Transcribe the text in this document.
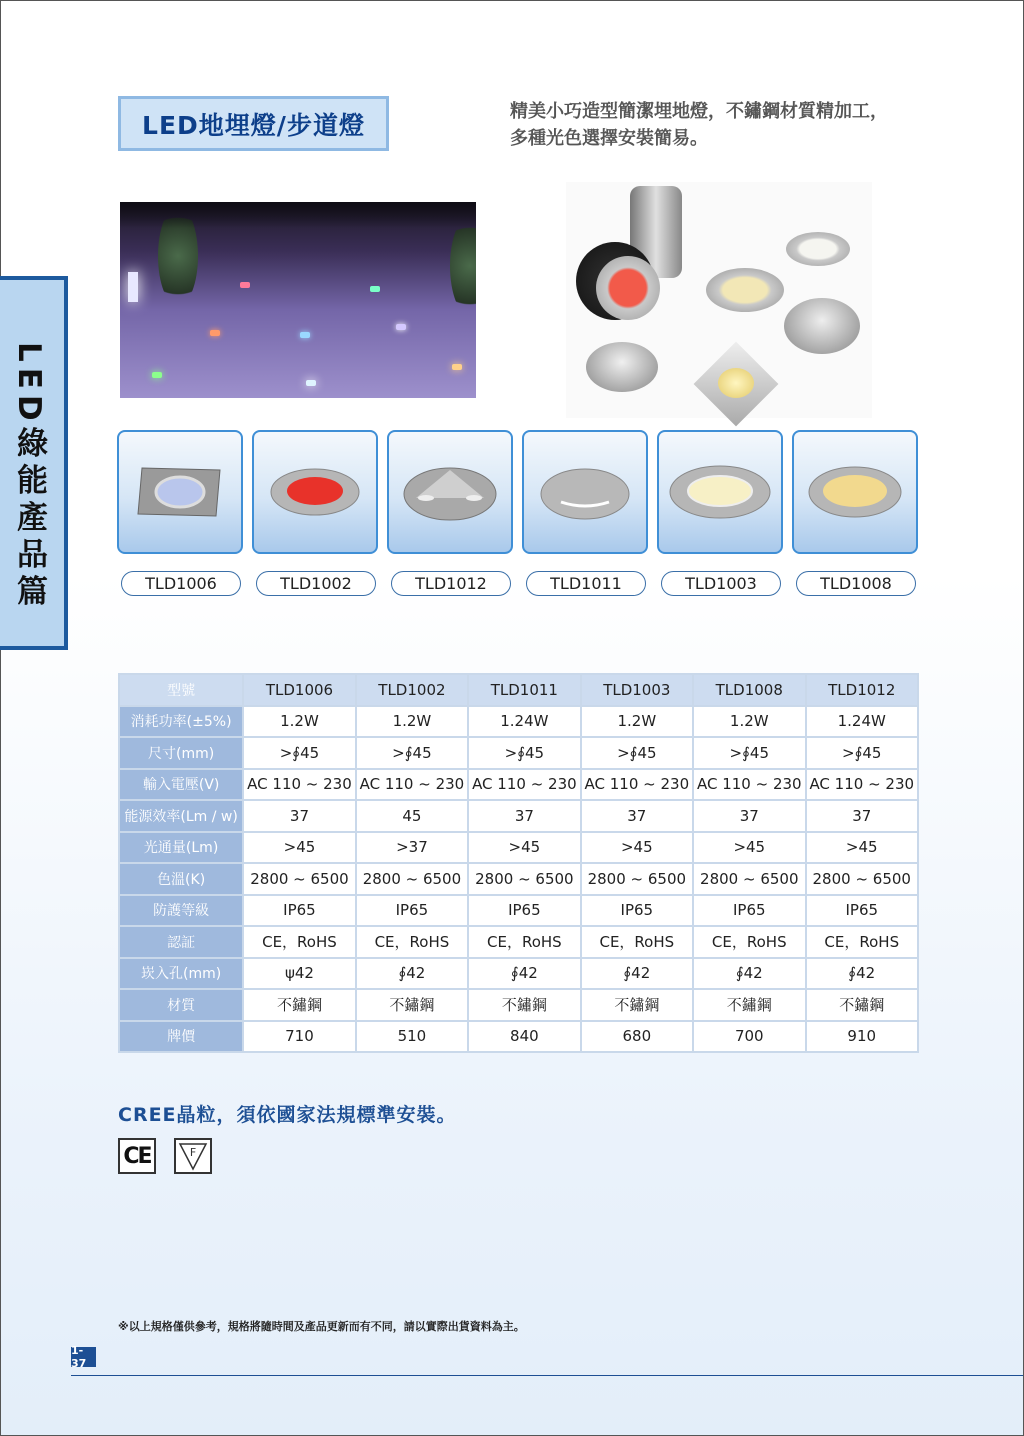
LED綠能產品篇
LED地埋燈/步道燈	精美小巧造型簡潔埋地燈，不鏽鋼材質精加工，
多種光色選擇安裝簡易。
TLD1006	TLD1002	TLD1012	TLD1011	TLD1003	TLD1008
型號	TLD1006	TLD1002	TLD1011	TLD1003	TLD1008	TLD1012
消耗功率(±5%)	1.2W	1.2W	1.24W	1.2W	1.2W	1.24W
尺寸(mm)	>∮45	>∮45	>∮45	>∮45	>∮45	>∮45
輸入電壓(V)	AC 110 ~ 230	AC 110 ~ 230	AC 110 ~ 230	AC 110 ~ 230	AC 110 ~ 230	AC 110 ~ 230
能源效率(Lm / w)	37	45	37	37	37	37
光通量(Lm)	>45	>37	>45	>45	>45	>45
色溫(K)	2800 ~ 6500	2800 ~ 6500	2800 ~ 6500	2800 ~ 6500	2800 ~ 6500	2800 ~ 6500
防護等級	IP65	IP65	IP65	IP65	IP65	IP65
認証	CE，RoHS	CE，RoHS	CE，RoHS	CE，RoHS	CE，RoHS	CE，RoHS
崁入孔(mm)	ψ42	∮42	∮42	∮42	∮42	∮42
材質	不鏽鋼	不鏽鋼	不鏽鋼	不鏽鋼	不鏽鋼	不鏽鋼
牌價	710	510	840	680	700	910
CREE晶粒，須依國家法規標準安裝。
CE	F
※以上規格僅供參考，規格將隨時間及產品更新而有不同，請以實際出貨資料為主。
1-37
